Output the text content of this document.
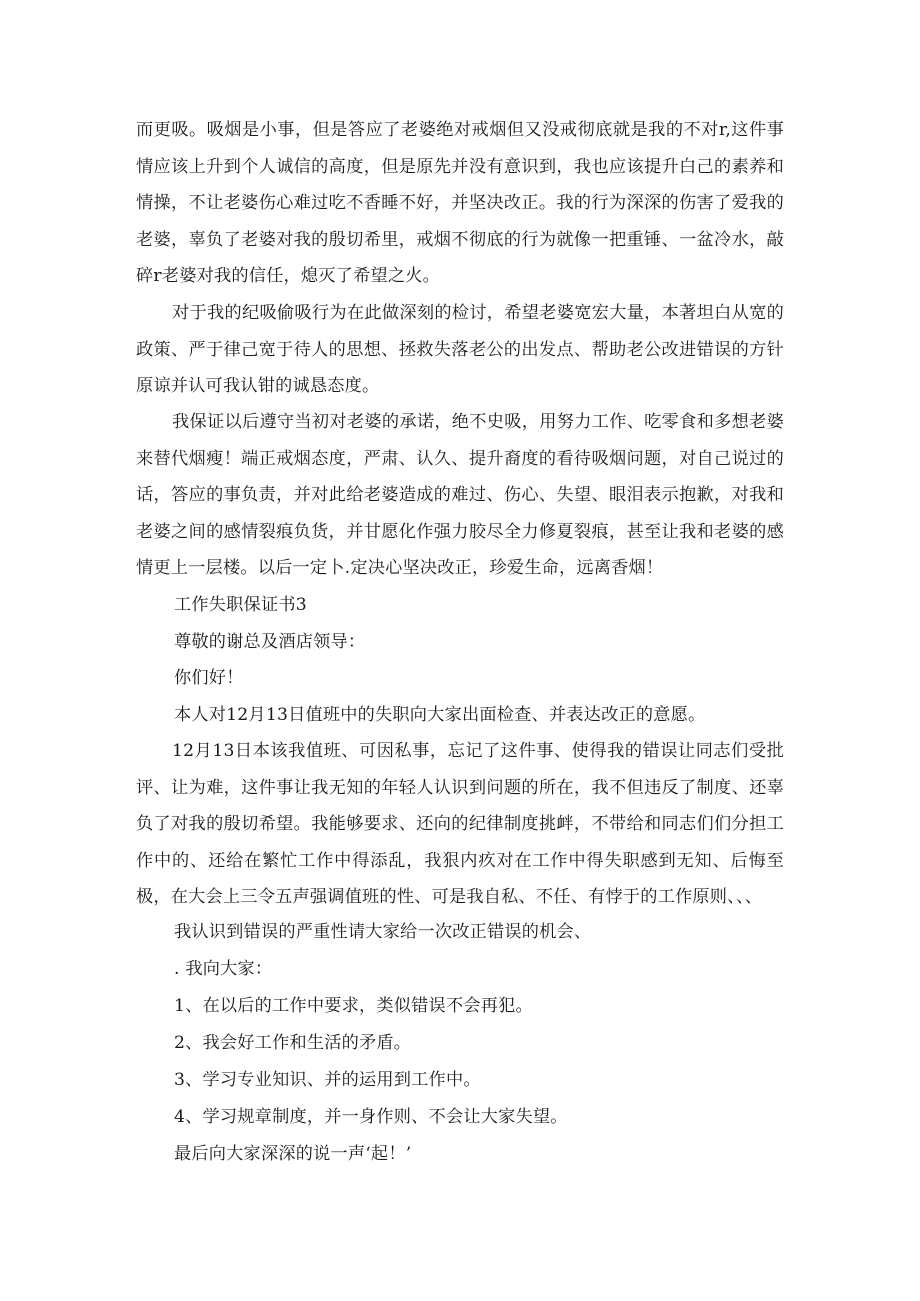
而更吸。吸烟是小事，但是答应了老婆绝对戒烟但又没戒彻底就是我的不对r,这件事情应该上升到个人诚信的高度，但是原先并没有意识到，我也应该提升白己的素养和情操，不让老婆伤心难过吃不香睡不好，并坚决改正。我的行为深深的伤害了爱我的老婆，辜负了老婆对我的殷切希里，戒烟不彻底的行为就像一把重锤、一盆冷水，敲碎r老婆对我的信任，熄灭了希望之火。

对于我的纪吸偷吸行为在此做深刻的检讨，希望老婆宽宏大量，本著坦白从宽的政策、严于律己宽于待人的思想、拯救失落老公的出发点、帮助老公改进错误的方针原谅并认可我认钳的诚恳态度。

我保证以后遵守当初对老婆的承诺，绝不史吸，用努力工作、吃零食和多想老婆来替代烟瘦！端正戒烟态度，严肃、认久、提升裔度的看待吸烟问题，对自己说过的话，答应的事负责，并对此给老婆造成的难过、伤心、失望、眼泪表示抱歉，对我和老婆之间的感情裂痕负货，并甘愿化作强力胶尽全力修夏裂痕，甚至让我和老婆的感情更上一层楼。以后一定卜.定决心坚决改正，珍爱生命，远离香烟！

工作失职保证书3

尊敬的谢总及酒店领导：

你们好！

本人对12月13日值班中的失职向大家出面检查、并表达改正的意愿。

12月13日本该我值班、可因私事，忘记了这件事、使得我的错误让同志们受批评、让为难，这件事让我无知的年轻人认识到问题的所在，我不但违反了制度、还辜负了对我的殷切希望。我能够要求、还向的纪律制度挑衅，不带给和同志们们分担工作中的、还给在繁忙工作中得添乱，我狠内疚对在工作中得失职感到无知、后悔至极，在大会上三令五声强调值班的性、可是我自私、不任、有悖于的工作原则、、、

我认识到错误的严重性请大家给一次改正错误的机会、

. 我向大家：

1、在以后的工作中要求，类似错误不会再犯。

2、我会好工作和生活的矛盾。

3、学习专业知识、并的运用到工作中。

4、学习规章制度，并一身作则、不会让大家失望。

最后向大家深深的说一声‘起！’
